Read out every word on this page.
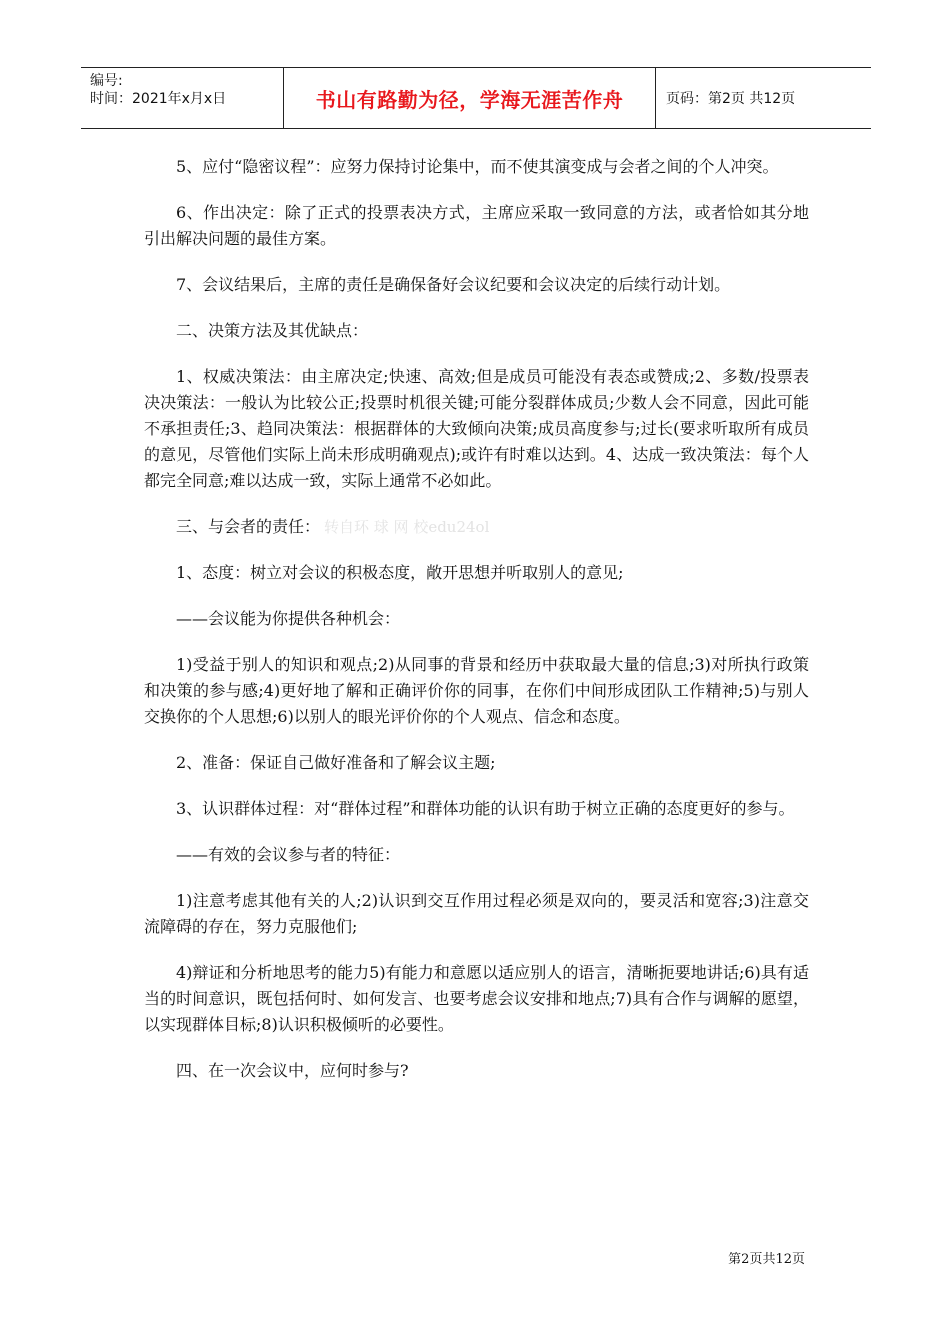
编号:
时间：2021年x月x日	书山有路勤为径，学海无涯苦作舟	页码：第2页 共12页

5、应付“隐密议程”：应努力保持讨论集中，而不使其演变成与会者之间的个人冲突。

6、作出决定：除了正式的投票表决方式，主席应采取一致同意的方法，或者恰如其分地引出解决问题的最佳方案。

7、会议结果后，主席的责任是确保备好会议纪要和会议决定的后续行动计划。

二、决策方法及其优缺点：

1、权威决策法：由主席决定;快速、高效;但是成员可能没有表态或赞成;2、多数/投票表决决策法：一般认为比较公正;投票时机很关键;可能分裂群体成员;少数人会不同意，因此可能不承担责任;3、趋同决策法：根据群体的大致倾向决策;成员高度参与;过长(要求听取所有成员的意见，尽管他们实际上尚未形成明确观点);或许有时难以达到。4、达成一致决策法：每个人都完全同意;难以达成一致，实际上通常不必如此。

三、与会者的责任： 转自环 球 网 校edu24ol

1、态度：树立对会议的积极态度，敞开思想并听取别人的意见;

——会议能为你提供各种机会：

1)受益于别人的知识和观点;2)从同事的背景和经历中获取最大量的信息;3)对所执行政策和决策的参与感;4)更好地了解和正确评价你的同事，在你们中间形成团队工作精神;5)与别人交换你的个人思想;6)以别人的眼光评价你的个人观点、信念和态度。

2、准备：保证自己做好准备和了解会议主题;

3、认识群体过程：对“群体过程”和群体功能的认识有助于树立正确的态度更好的参与。

——有效的会议参与者的特征：

1)注意考虑其他有关的人;2)认识到交互作用过程必须是双向的，要灵活和宽容;3)注意交流障碍的存在，努力克服他们;

4)辩证和分析地思考的能力5)有能力和意愿以适应别人的语言，清晰扼要地讲话;6)具有适当的时间意识，既包括何时、如何发言、也要考虑会议安排和地点;7)具有合作与调解的愿望，以实现群体目标;8)认识积极倾听的必要性。

四、在一次会议中，应何时参与?

第2页共12页
